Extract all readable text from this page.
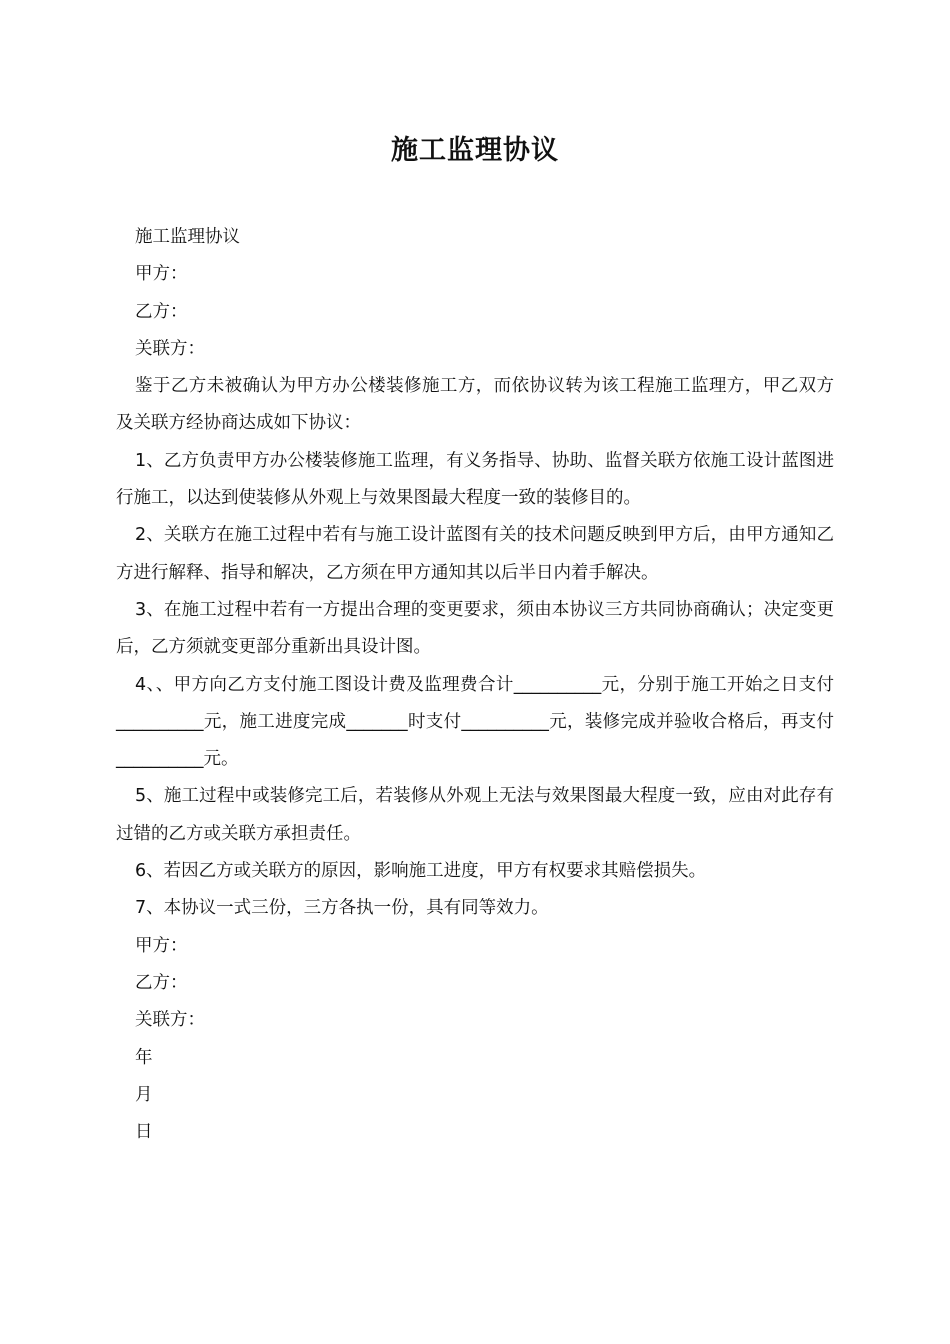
施工监理协议

施工监理协议

甲方：

乙方：

关联方：

鉴于乙方未被确认为甲方办公楼装修施工方，而依协议转为该工程施工监理方，甲乙双方及关联方经协商达成如下协议：

1、乙方负责甲方办公楼装修施工监理，有义务指导、协助、监督关联方依施工设计蓝图进行施工，以达到使装修从外观上与效果图最大程度一致的装修目的。

2、关联方在施工过程中若有与施工设计蓝图有关的技术问题反映到甲方后，由甲方通知乙方进行解释、指导和解决，乙方须在甲方通知其以后半日内着手解决。

3、在施工过程中若有一方提出合理的变更要求，须由本协议三方共同协商确认；决定变更后，乙方须就变更部分重新出具设计图。

4、、甲方向乙方支付施工图设计费及监理费合计__________元，分别于施工开始之日支付__________元，施工进度完成_______时支付__________元，装修完成并验收合格后，再支付__________元。

5、施工过程中或装修完工后，若装修从外观上无法与效果图最大程度一致，应由对此存有过错的乙方或关联方承担责任。

6、若因乙方或关联方的原因，影响施工进度，甲方有权要求其赔偿损失。

7、本协议一式三份，三方各执一份，具有同等效力。

甲方：

乙方：

关联方：

年

月

日
